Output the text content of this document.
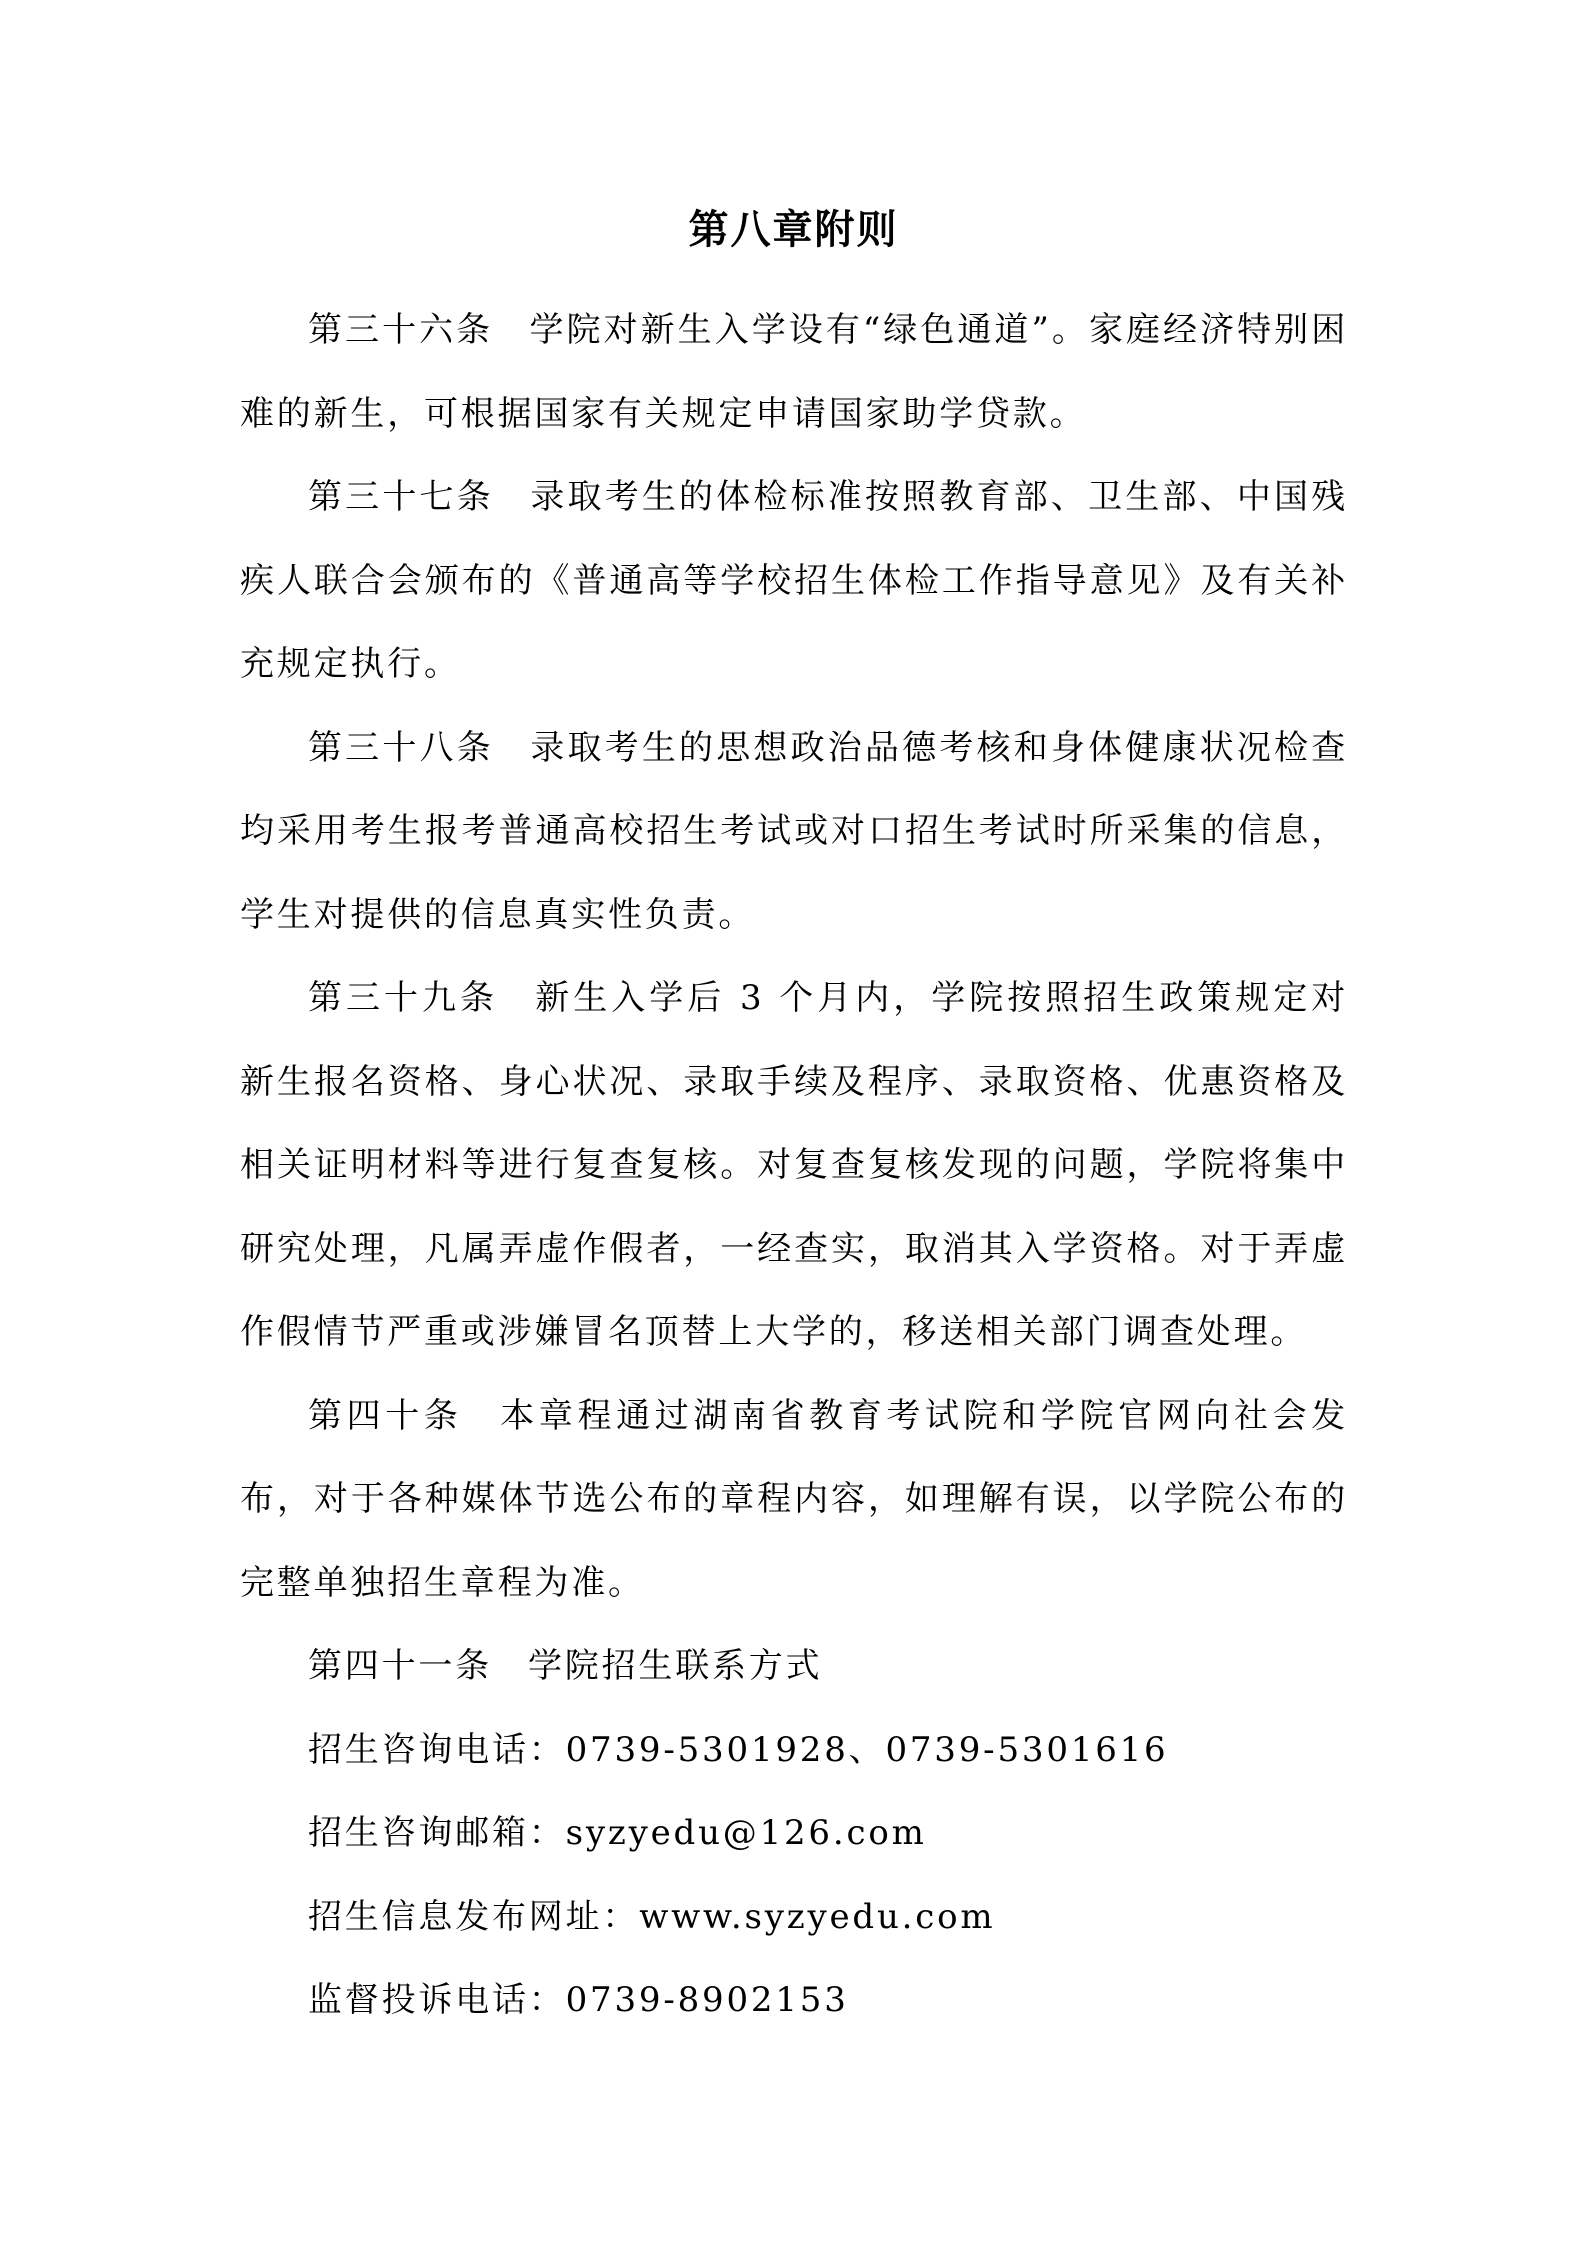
第八章附则

第三十六条 学院对新生入学设有“绿色通道”。家庭经济特别困难的新生，可根据国家有关规定申请国家助学贷款。

第三十七条 录取考生的体检标准按照教育部、卫生部、中国残疾人联合会颁布的《普通高等学校招生体检工作指导意见》及有关补充规定执行。

第三十八条 录取考生的思想政治品德考核和身体健康状况检查均采用考生报考普通高校招生考试或对口招生考试时所采集的信息，学生对提供的信息真实性负责。

第三十九条 新生入学后 3 个月内，学院按照招生政策规定对新生报名资格、身心状况、录取手续及程序、录取资格、优惠资格及相关证明材料等进行复查复核。对复查复核发现的问题，学院将集中研究处理，凡属弄虚作假者，一经查实，取消其入学资格。对于弄虚作假情节严重或涉嫌冒名顶替上大学的，移送相关部门调查处理。

第四十条 本章程通过湖南省教育考试院和学院官网向社会发布，对于各种媒体节选公布的章程内容，如理解有误，以学院公布的完整单独招生章程为准。

第四十一条 学院招生联系方式

招生咨询电话：0739-5301928、0739-5301616

招生咨询邮箱：syzyedu@126.com

招生信息发布网址：www.syzyedu.com

监督投诉电话：0739-8902153
